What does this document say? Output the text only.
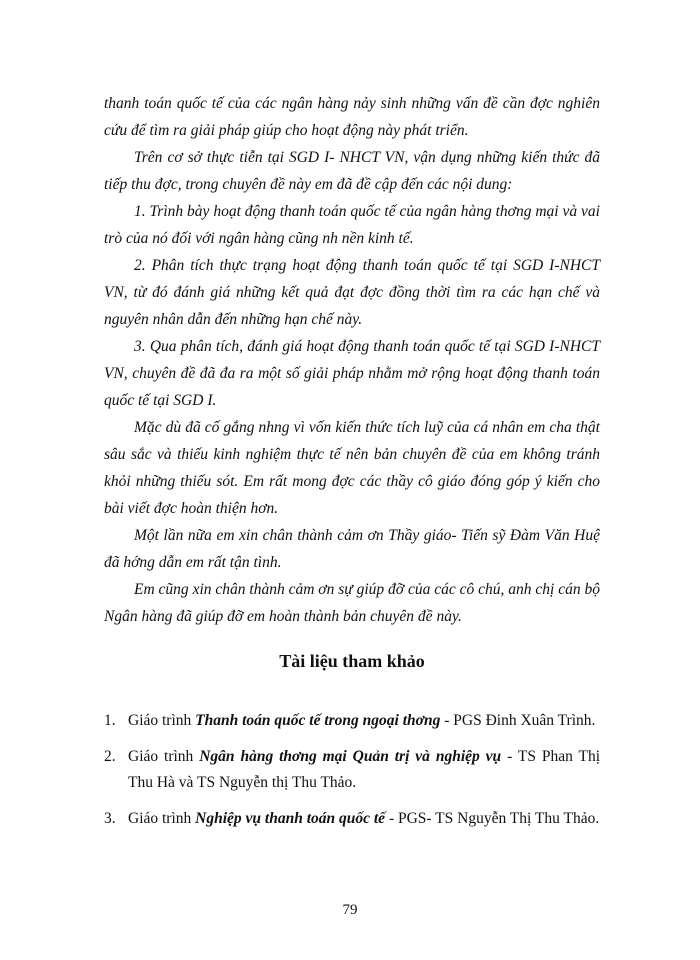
thanh toán quốc tế của các ngân hàng nảy sinh những vấn đề cần đợc nghiên cứu để tìm ra giải pháp giúp cho hoạt động này phát triển.

Trên cơ sở thực tiễn tại SGD I- NHCT VN, vận dụng những kiến thức đã tiếp thu đợc, trong chuyên đề này em đã đề cập đến các nội dung:

1. Trình bày hoạt động thanh toán quốc tế của ngân hàng thơng mại và vai trò của nó đối với ngân hàng cũng nh nền kinh tế.

2. Phân tích thực trạng hoạt động thanh toán quốc tế tại SGD I-NHCT VN, từ đó đánh giá những kết quả đạt đợc đồng thời tìm ra các hạn chế và nguyên nhân dẫn đến những hạn chế này.

3. Qua phân tích, đánh giá hoạt động thanh toán quốc tế tại SGD I-NHCT VN, chuyên đề đã đa ra một số giải pháp nhằm mở rộng hoạt động thanh toán quốc tế tại SGD I.

Mặc dù đã cố gắng nhng vì vốn kiến thức tích luỹ của cá nhân em cha thật sâu sắc và thiếu kinh nghiệm thực tế nên bản chuyên đề của em không tránh khỏi những thiếu sót. Em rất mong đợc các thầy cô giáo đóng góp ý kiến cho bài viết đợc hoàn thiện hơn.

Một lần nữa em xin chân thành cảm ơn Thầy giáo- Tiến sỹ Đàm Văn Huệ đã hớng dẫn em rất tận tình.

Em cũng xin chân thành cảm ơn sự giúp đỡ của các cô chú, anh chị cán bộ Ngân hàng đã giúp đỡ em hoàn thành bản chuyên đề này.

Tài liệu tham khảo
1. Giáo trình Thanh toán quốc tế trong ngoại thơng - PGS Đinh Xuân Trình.
2. Giáo trình Ngân hàng thơng mại Quản trị và nghiệp vụ - TS Phan Thị Thu Hà và TS Nguyễn thị Thu Thảo.
3. Giáo trình Nghiệp vụ thanh toán quốc tế - PGS- TS Nguyễn Thị Thu Thảo.
79
